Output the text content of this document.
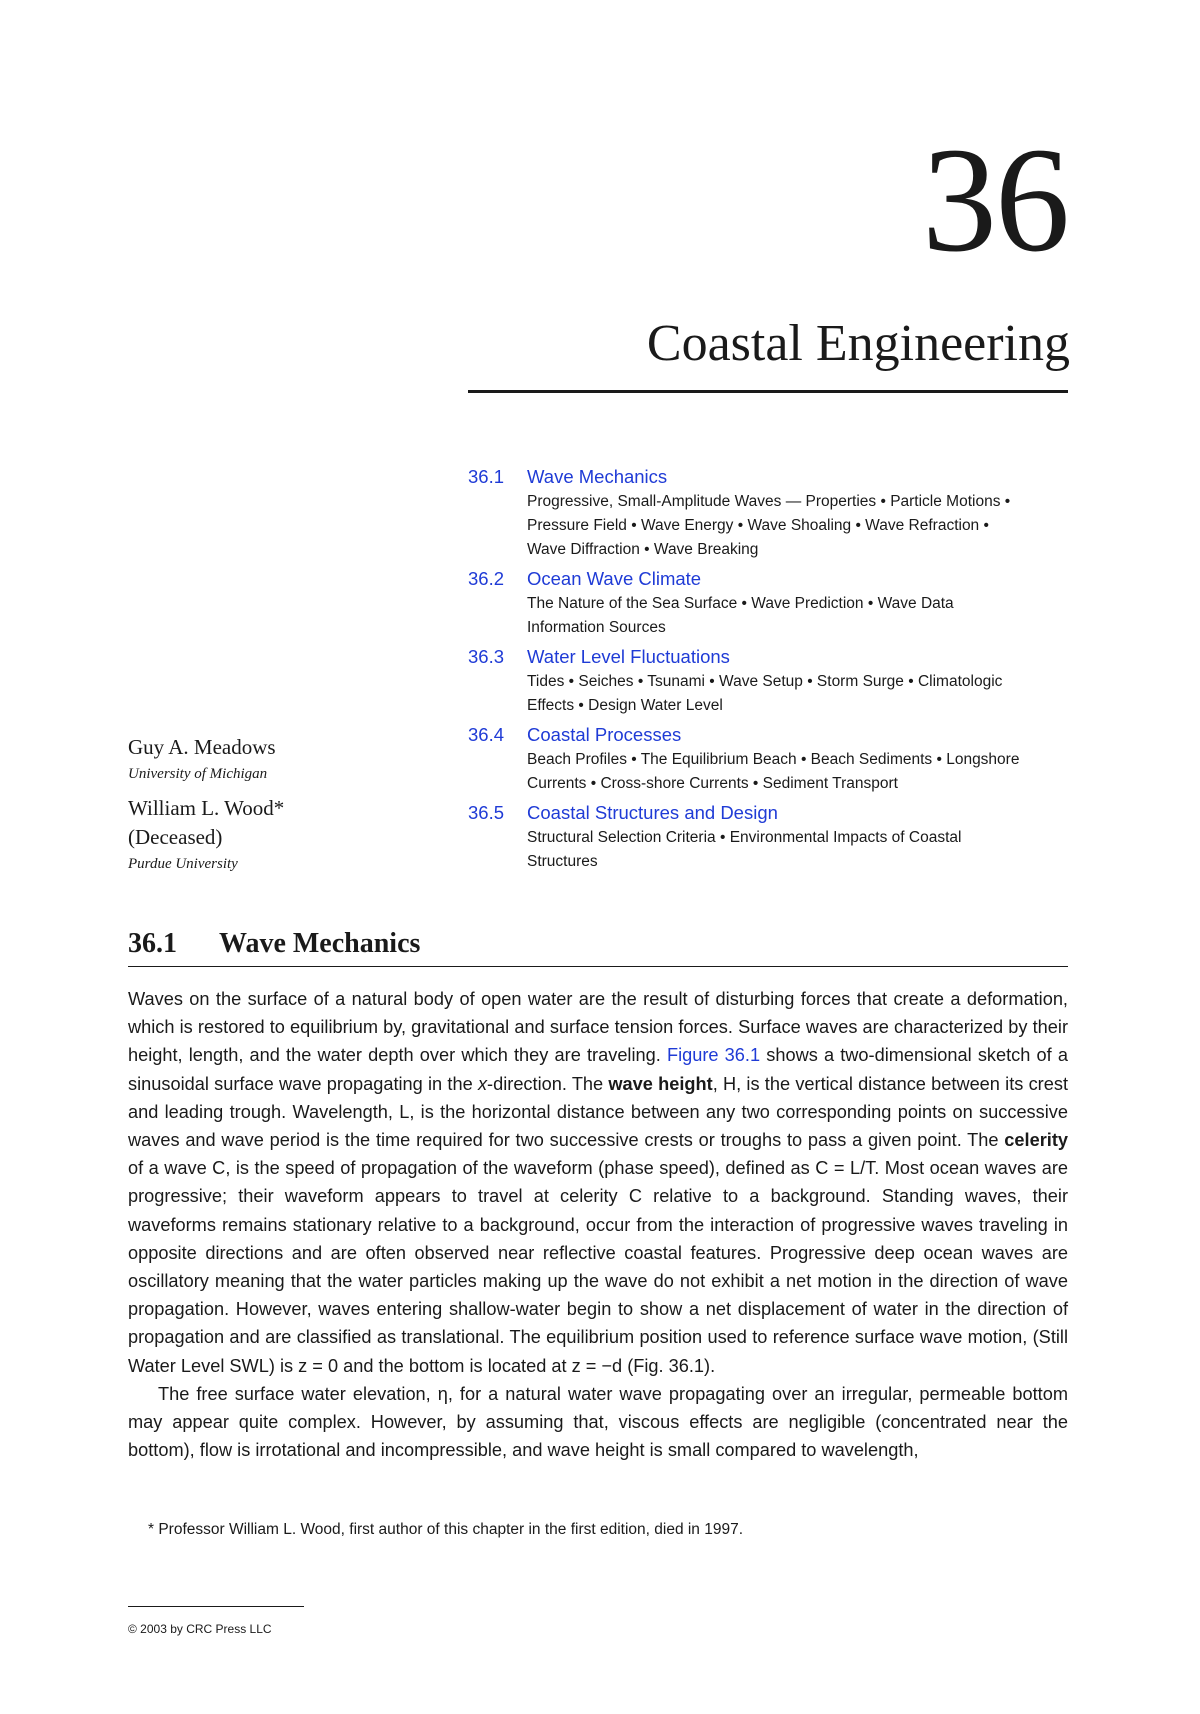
36
Coastal Engineering
36.1	Wave Mechanics
Progressive, Small-Amplitude Waves — Properties • Particle Motions • Pressure Field • Wave Energy • Wave Shoaling • Wave Refraction • Wave Diffraction • Wave Breaking
36.2	Ocean Wave Climate
The Nature of the Sea Surface • Wave Prediction • Wave Data Information Sources
36.3	Water Level Fluctuations
Tides • Seiches • Tsunami • Wave Setup • Storm Surge • Climatologic Effects • Design Water Level
36.4	Coastal Processes
Beach Profiles • The Equilibrium Beach • Beach Sediments • Longshore Currents • Cross-shore Currents • Sediment Transport
36.5	Coastal Structures and Design
Structural Selection Criteria • Environmental Impacts of Coastal Structures
Guy A. Meadows
University of Michigan
William L. Wood*
(Deceased)
Purdue University
36.1 Wave Mechanics

Waves on the surface of a natural body of open water are the result of disturbing forces that create a deformation, which is restored to equilibrium by, gravitational and surface tension forces. Surface waves are characterized by their height, length, and the water depth over which they are traveling. Figure 36.1 shows a two-dimensional sketch of a sinusoidal surface wave propagating in the x-direction. The wave height, H, is the vertical distance between its crest and leading trough. Wavelength, L, is the horizontal distance between any two corresponding points on successive waves and wave period is the time required for two successive crests or troughs to pass a given point. The celerity of a wave C, is the speed of propagation of the waveform (phase speed), defined as C = L/T. Most ocean waves are progressive; their waveform appears to travel at celerity C relative to a background. Standing waves, their waveforms remains stationary relative to a background, occur from the interaction of progressive waves traveling in opposite directions and are often observed near reflective coastal features. Progressive deep ocean waves are oscillatory meaning that the water particles making up the wave do not exhibit a net motion in the direction of wave propagation. However, waves entering shallow-water begin to show a net displacement of water in the direction of propagation and are classified as translational. The equilibrium position used to reference surface wave motion, (Still Water Level SWL) is z = 0 and the bottom is located at z = −d (Fig. 36.1).

The free surface water elevation, η, for a natural water wave propagating over an irregular, permeable bottom may appear quite complex. However, by assuming that, viscous effects are negligible (concentrated near the bottom), flow is irrotational and incompressible, and wave height is small compared to wavelength,

* Professor William L. Wood, first author of this chapter in the first edition, died in 1997.
© 2003 by CRC Press LLC
